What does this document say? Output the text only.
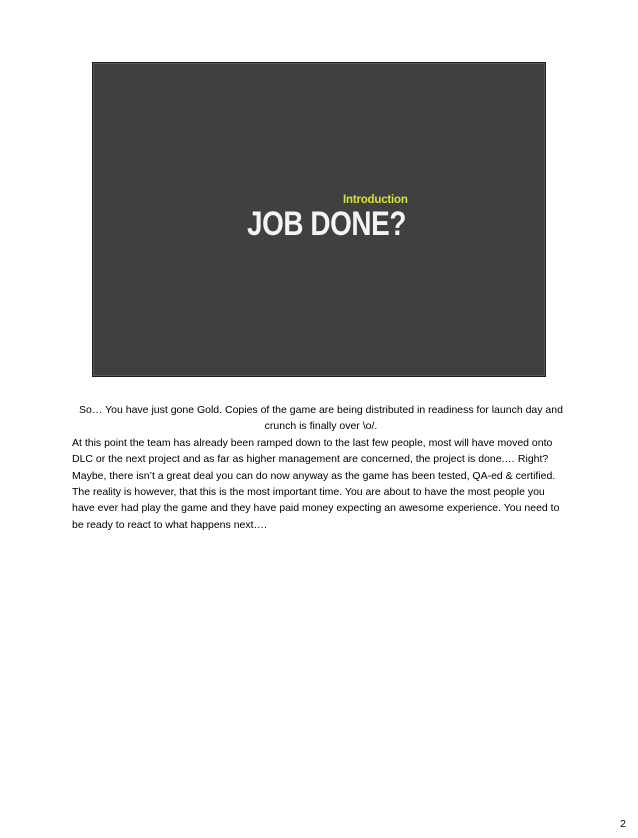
Introduction
JOB DONE?

So… You have just gone Gold. Copies of the game are being distributed in readiness for launch day and crunch is finally over \o/.

At this point the team has already been ramped down to the last few people, most will have moved onto DLC or the next project and as far as higher management are concerned, the project is done.… Right?

Maybe, there isn’t a great deal you can do now anyway as the game has been tested, QA-ed & certified.

The reality is however, that this is the most important time. You are about to have the most people you have ever had play the game and they have paid money expecting an awesome experience. You need to be ready to react to what happens next….

2
